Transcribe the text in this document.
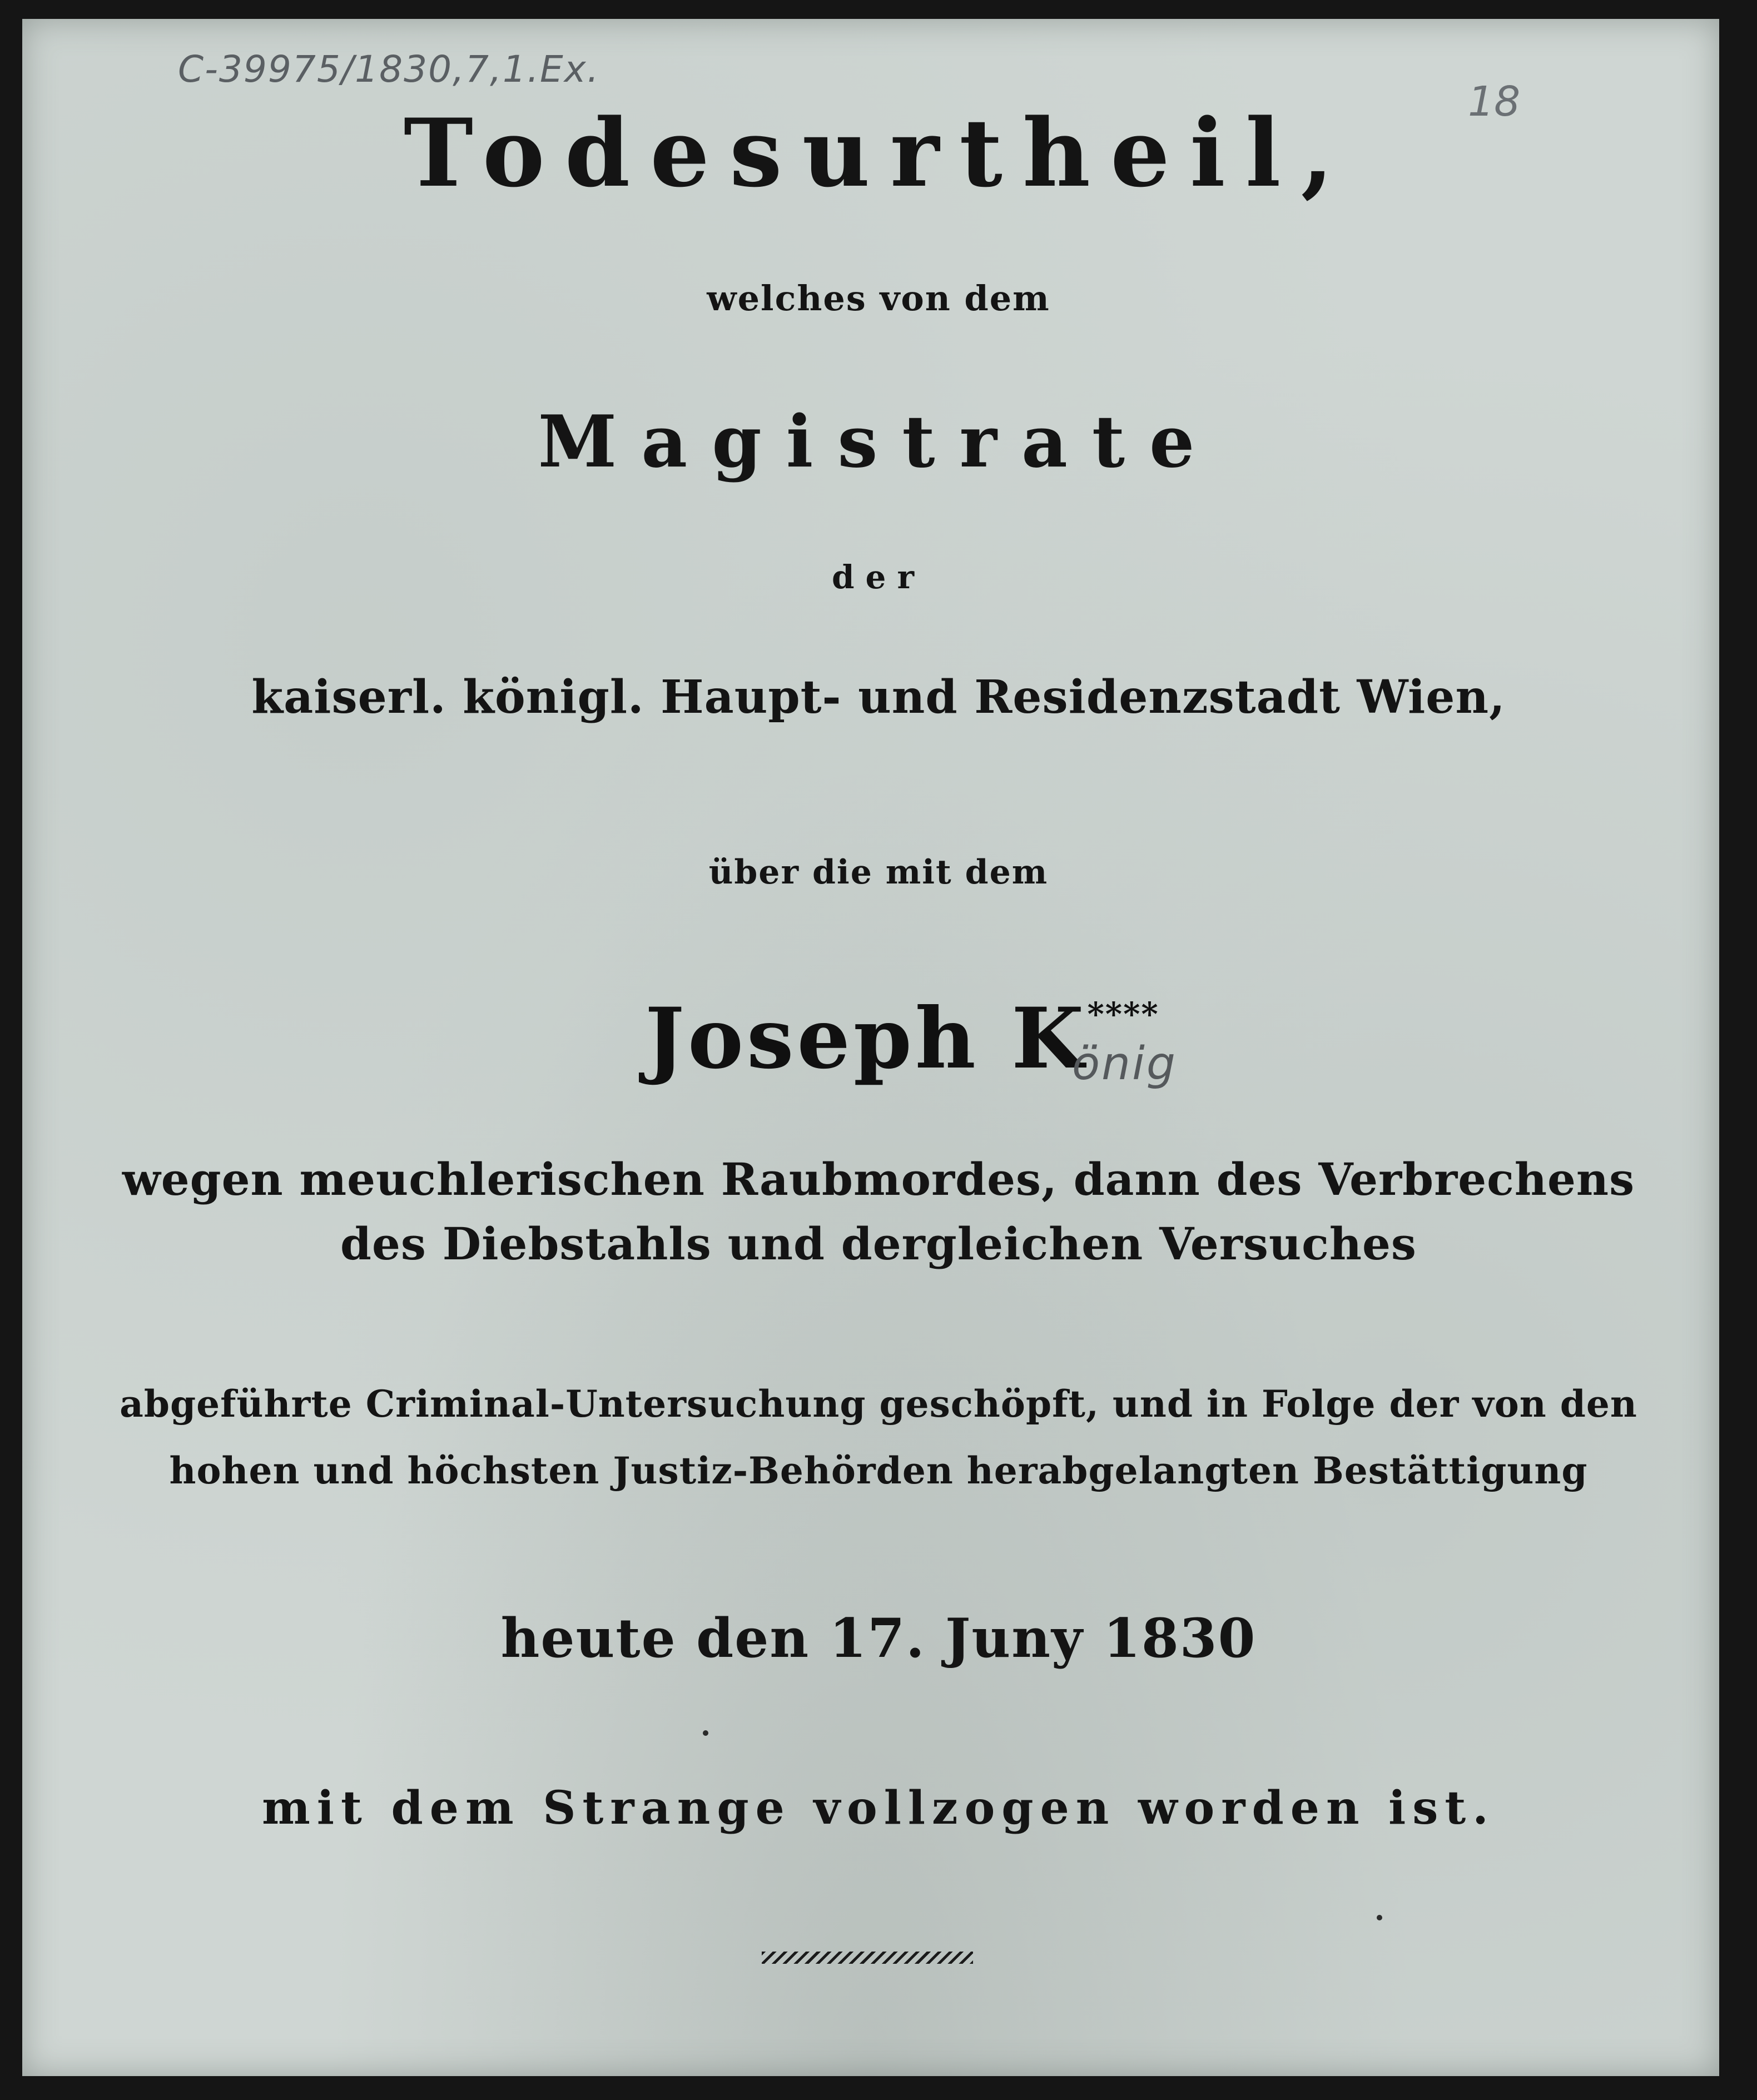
C-39975/1830,7,1.Ex.
18
Todesurtheil,
welches von dem
Magistrate
der
kaiserl. königl. Haupt- und Residenzstadt Wien,
über die mit dem
Joseph K****
önig
wegen meuchlerischen Raubmordes, dann des Verbrechens
des Diebstahls und dergleichen Versuches
abgeführte Criminal-Untersuchung geschöpft, und in Folge der von den
hohen und höchsten Justiz-Behörden herabgelangten Bestättigung
heute den 17. Juny 1830
mit dem Strange vollzogen worden ist.
